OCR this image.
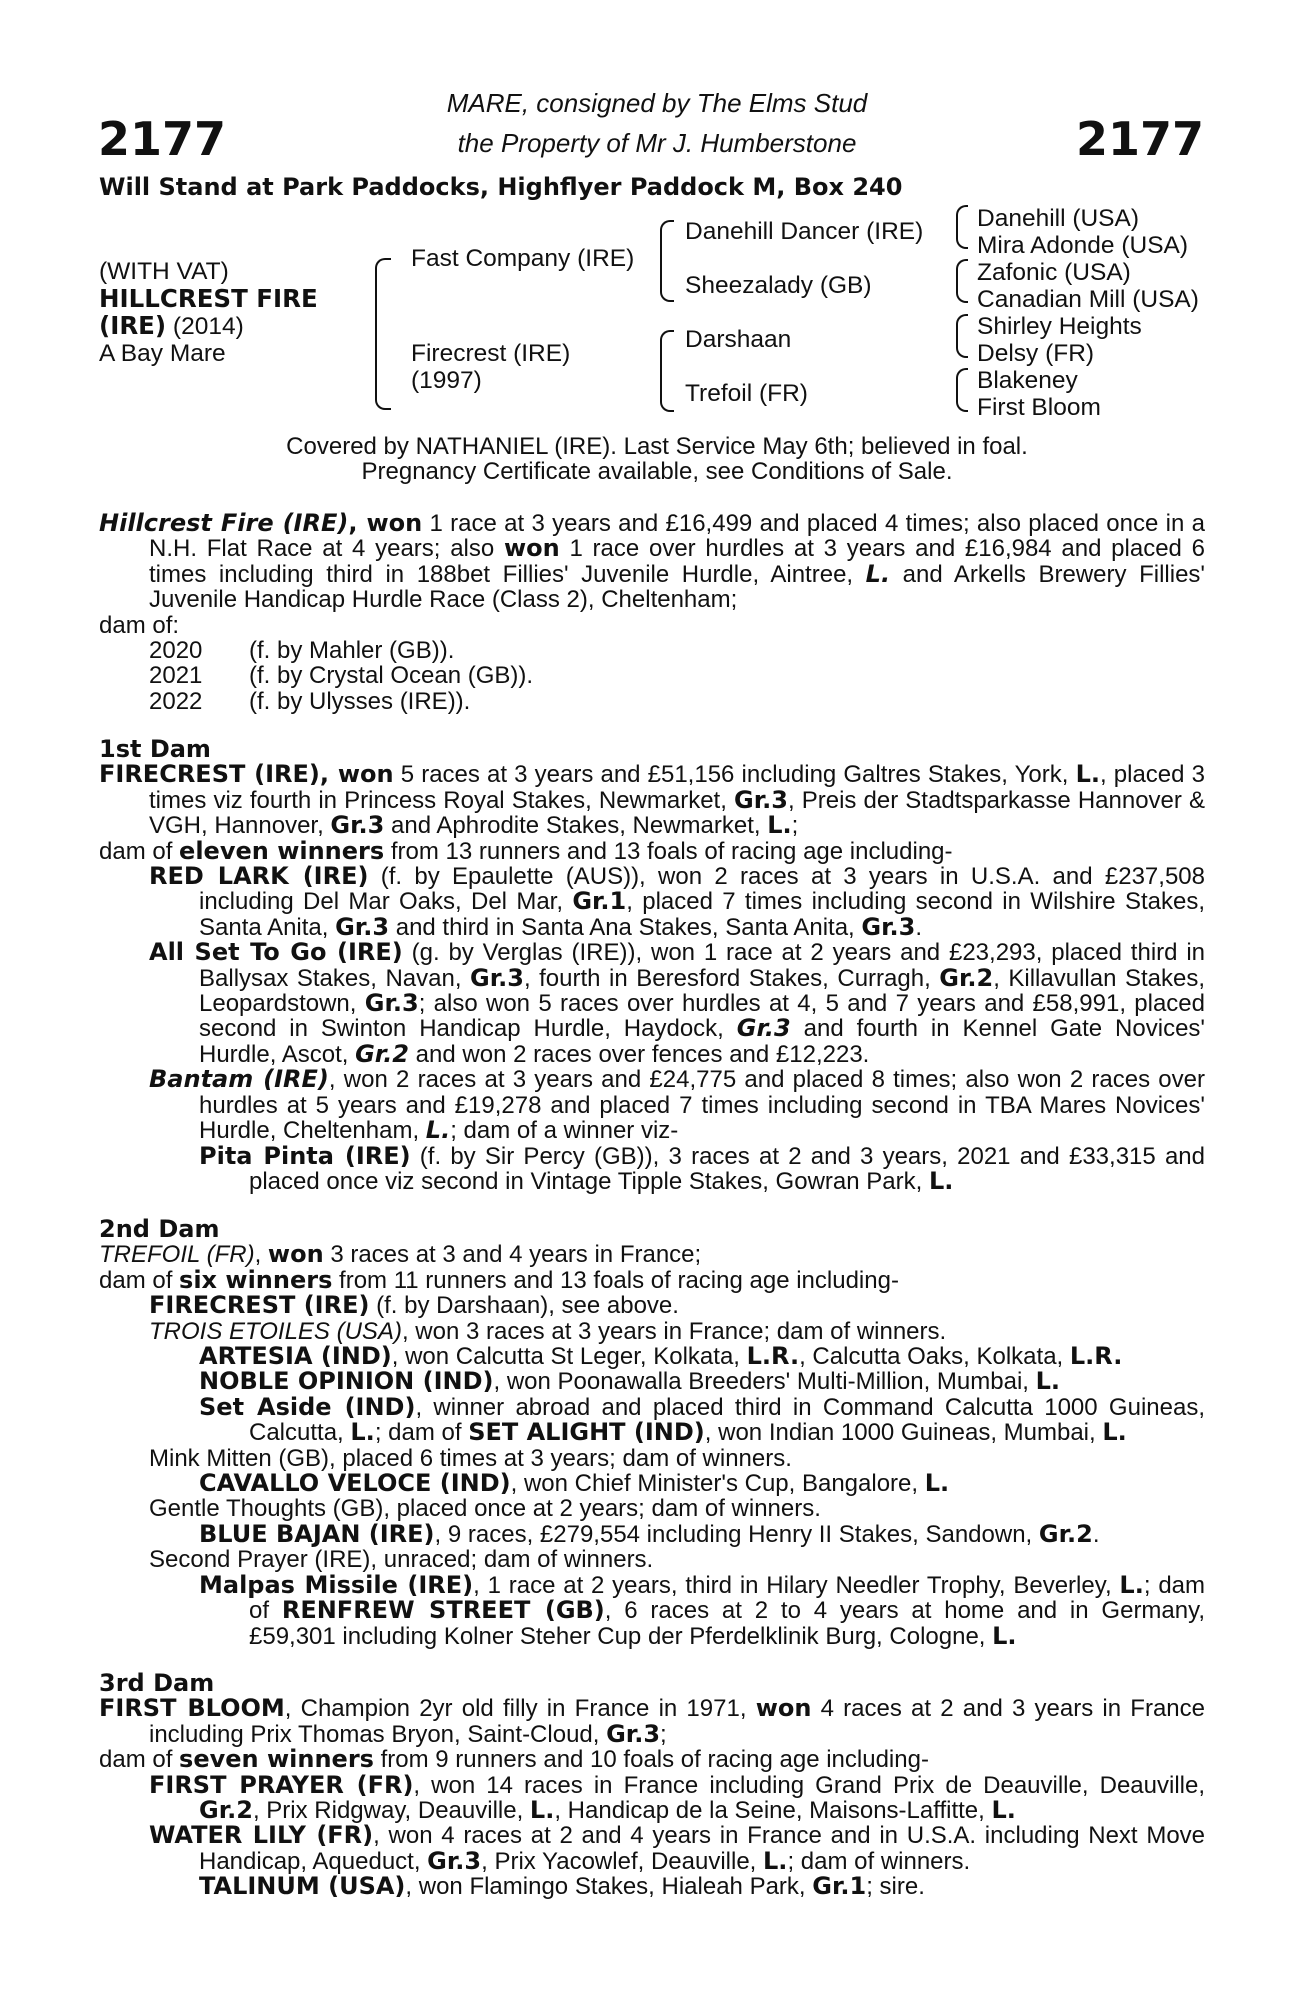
2177	2177
MARE, consigned by The Elms Stud
the Property of Mr J. Humberstone
Will Stand at Park Paddocks, Highflyer Paddock M, Box 240
(WITH VAT)
HILLCREST FIRE
(IRE) (2014)
A Bay Mare
Fast Company (IRE)
Firecrest (IRE)
(1997)
Danehill Dancer (IRE)
Sheezalady (GB)
Darshaan
Trefoil (FR)
Danehill (USA)
Mira Adonde (USA)
Zafonic (USA)
Canadian Mill (USA)
Shirley Heights
Delsy (FR)
Blakeney
First Bloom
Covered by NATHANIEL (IRE). Last Service May 6th; believed in foal.
Pregnancy Certificate available, see Conditions of Sale.

Hillcrest Fire (IRE), won 1 race at 3 years and £16,499 and placed 4 times; also placed once in a N.H. Flat Race at 4 years; also won 1 race over hurdles at 3 years and £16,984 and placed 6 times including third in 188bet Fillies' Juvenile Hurdle, Aintree, L. and Arkells Brewery Fillies' Juvenile Handicap Hurdle Race (Class 2), Cheltenham;

dam of:

2020 (f. by Mahler (GB)).

2021 (f. by Crystal Ocean (GB)).

2022 (f. by Ulysses (IRE)).

1st Dam

FIRECREST (IRE), won 5 races at 3 years and £51,156 including Galtres Stakes, York, L., placed 3 times viz fourth in Princess Royal Stakes, Newmarket, Gr.3, Preis der Stadtsparkasse Hannover & VGH, Hannover, Gr.3 and Aphrodite Stakes, Newmarket, L.;

dam of eleven winners from 13 runners and 13 foals of racing age including-

RED LARK (IRE) (f. by Epaulette (AUS)), won 2 races at 3 years in U.S.A. and £237,508 including Del Mar Oaks, Del Mar, Gr.1, placed 7 times including second in Wilshire Stakes, Santa Anita, Gr.3 and third in Santa Ana Stakes, Santa Anita, Gr.3.

All Set To Go (IRE) (g. by Verglas (IRE)), won 1 race at 2 years and £23,293, placed third in Ballysax Stakes, Navan, Gr.3, fourth in Beresford Stakes, Curragh, Gr.2, Killavullan Stakes, Leopardstown, Gr.3; also won 5 races over hurdles at 4, 5 and 7 years and £58,991, placed second in Swinton Handicap Hurdle, Haydock, Gr.3 and fourth in Kennel Gate Novices' Hurdle, Ascot, Gr.2 and won 2 races over fences and £12,223.

Bantam (IRE), won 2 races at 3 years and £24,775 and placed 8 times; also won 2 races over hurdles at 5 years and £19,278 and placed 7 times including second in TBA Mares Novices' Hurdle, Cheltenham, L.; dam of a winner viz-

Pita Pinta (IRE) (f. by Sir Percy (GB)), 3 races at 2 and 3 years, 2021 and £33,315 and placed once viz second in Vintage Tipple Stakes, Gowran Park, L.

2nd Dam

TREFOIL (FR), won 3 races at 3 and 4 years in France;

dam of six winners from 11 runners and 13 foals of racing age including-

FIRECREST (IRE) (f. by Darshaan), see above.

TROIS ETOILES (USA), won 3 races at 3 years in France; dam of winners.

ARTESIA (IND), won Calcutta St Leger, Kolkata, L.R., Calcutta Oaks, Kolkata, L.R.

NOBLE OPINION (IND), won Poonawalla Breeders' Multi-Million, Mumbai, L.

Set Aside (IND), winner abroad and placed third in Command Calcutta 1000 Guineas, Calcutta, L.; dam of SET ALIGHT (IND), won Indian 1000 Guineas, Mumbai, L.

Mink Mitten (GB), placed 6 times at 3 years; dam of winners.

CAVALLO VELOCE (IND), won Chief Minister's Cup, Bangalore, L.

Gentle Thoughts (GB), placed once at 2 years; dam of winners.

BLUE BAJAN (IRE), 9 races, £279,554 including Henry II Stakes, Sandown, Gr.2.

Second Prayer (IRE), unraced; dam of winners.

Malpas Missile (IRE), 1 race at 2 years, third in Hilary Needler Trophy, Beverley, L.; dam of RENFREW STREET (GB), 6 races at 2 to 4 years at home and in Germany, £59,301 including Kolner Steher Cup der Pferdelklinik Burg, Cologne, L.

3rd Dam

FIRST BLOOM, Champion 2yr old filly in France in 1971, won 4 races at 2 and 3 years in France including Prix Thomas Bryon, Saint-Cloud, Gr.3;

dam of seven winners from 9 runners and 10 foals of racing age including-

FIRST PRAYER (FR), won 14 races in France including Grand Prix de Deauville, Deauville, Gr.2, Prix Ridgway, Deauville, L., Handicap de la Seine, Maisons-Laffitte, L.

WATER LILY (FR), won 4 races at 2 and 4 years in France and in U.S.A. including Next Move Handicap, Aqueduct, Gr.3, Prix Yacowlef, Deauville, L.; dam of winners.

TALINUM (USA), won Flamingo Stakes, Hialeah Park, Gr.1; sire.
